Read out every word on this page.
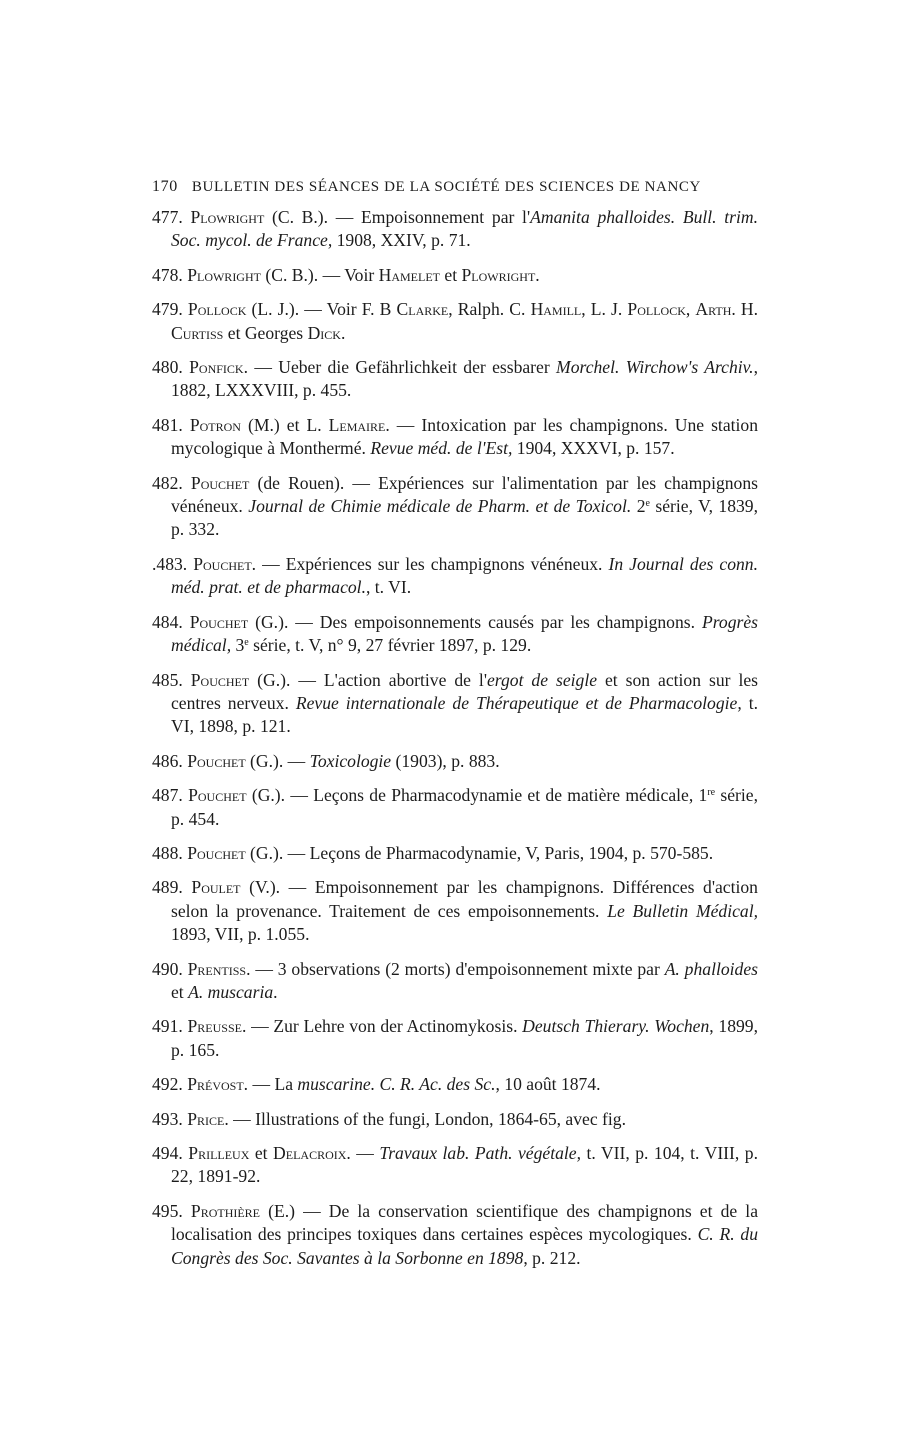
170 BULLETIN DES SÉANCES DE LA SOCIÉTÉ DES SCIENCES DE NANCY

477. Plowright (C. B.). — Empoisonnement par l'Amanita phalloides. Bull. trim. Soc. mycol. de France, 1908, XXIV, p. 71.

478. Plowright (C. B.). — Voir Hamelet et Plowright.

479. Pollock (L. J.). — Voir F. B Clarke, Ralph. C. Hamill, L. J. Pollock, Arth. H. Curtiss et Georges Dick.

480. Ponfick. — Ueber die Gefährlichkeit der essbarer Morchel. Wirchow's Archiv., 1882, LXXXVIII, p. 455.

481. Potron (M.) et L. Lemaire. — Intoxication par les champignons. Une station mycologique à Monthermé. Revue méd. de l'Est, 1904, XXXVI, p. 157.

482. Pouchet (de Rouen). — Expériences sur l'alimentation par les champignons vénéneux. Journal de Chimie médicale de Pharm. et de Toxicol. 2e série, V, 1839, p. 332.

.483. Pouchet. — Expériences sur les champignons vénéneux. In Journal des conn. méd. prat. et de pharmacol., t. VI.

484. Pouchet (G.). — Des empoisonnements causés par les champignons. Progrès médical, 3e série, t. V, n° 9, 27 février 1897, p. 129.

485. Pouchet (G.). — L'action abortive de l'ergot de seigle et son action sur les centres nerveux. Revue internationale de Thérapeutique et de Pharmacologie, t. VI, 1898, p. 121.

486. Pouchet (G.). — Toxicologie (1903), p. 883.

487. Pouchet (G.). — Leçons de Pharmacodynamie et de matière médicale, 1re série, p. 454.

488. Pouchet (G.). — Leçons de Pharmacodynamie, V, Paris, 1904, p. 570-585.

489. Poulet (V.). — Empoisonnement par les champignons. Différences d'action selon la provenance. Traitement de ces empoisonnements. Le Bulletin Médical, 1893, VII, p. 1.055.

490. Prentiss. — 3 observations (2 morts) d'empoisonnement mixte par A. phalloides et A. muscaria.

491. Preusse. — Zur Lehre von der Actinomykosis. Deutsch Thierary. Wochen, 1899, p. 165.

492. Prévost. — La muscarine. C. R. Ac. des Sc., 10 août 1874.

493. Price. — Illustrations of the fungi, London, 1864-65, avec fig.

494. Prilleux et Delacroix. — Travaux lab. Path. végétale, t. VII, p. 104, t. VIII, p. 22, 1891-92.

495. Prothière (E.) — De la conservation scientifique des champignons et de la localisation des principes toxiques dans certaines espèces mycologiques. C. R. du Congrès des Soc. Savantes à la Sorbonne en 1898, p. 212.
